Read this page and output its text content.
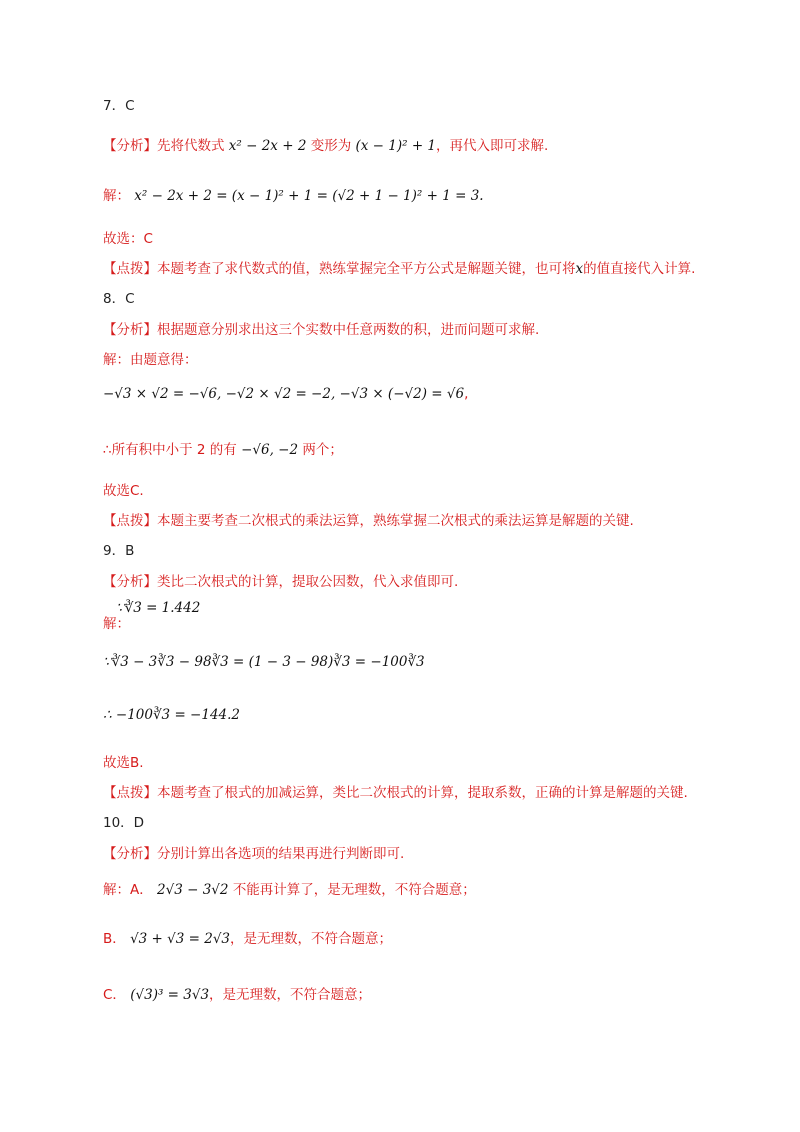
7．C
【分析】先将代数式 x² − 2x + 2 变形为 (x − 1)² + 1，再代入即可求解.
解： x² − 2x + 2 = (x − 1)² + 1 = (√2 + 1 − 1)² + 1 = 3.
故选：C
【点拨】本题考查了求代数式的值，熟练掌握完全平方公式是解题关键，也可将x的值直接代入计算.
8．C
【分析】根据题意分别求出这三个实数中任意两数的积，进而问题可求解.
解：由题意得：
−√3 × √2 = −√6, −√2 × √2 = −2, −√3 × (−√2) = √6,
∴所有积中小于 2 的有 −√6, −2 两个；
故选C.
【点拨】本题主要考查二次根式的乘法运算，熟练掌握二次根式的乘法运算是解题的关键.
9．B
【分析】类比二次根式的计算，提取公因数，代入求值即可.
∵∛3 = 1.442
解：
∵∛3 − 3∛3 − 98∛3 = (1 − 3 − 98)∛3 = −100∛3
∴ −100∛3 = −144.2
故选B.
【点拨】本题考查了根式的加减运算，类比二次根式的计算，提取系数，正确的计算是解题的关键.
10．D
【分析】分别计算出各选项的结果再进行判断即可.
解：A． 2√3 − 3√2 不能再计算了，是无理数，不符合题意；
B． √3 + √3 = 2√3，是无理数，不符合题意；
C． (√3)³ = 3√3，是无理数，不符合题意；
